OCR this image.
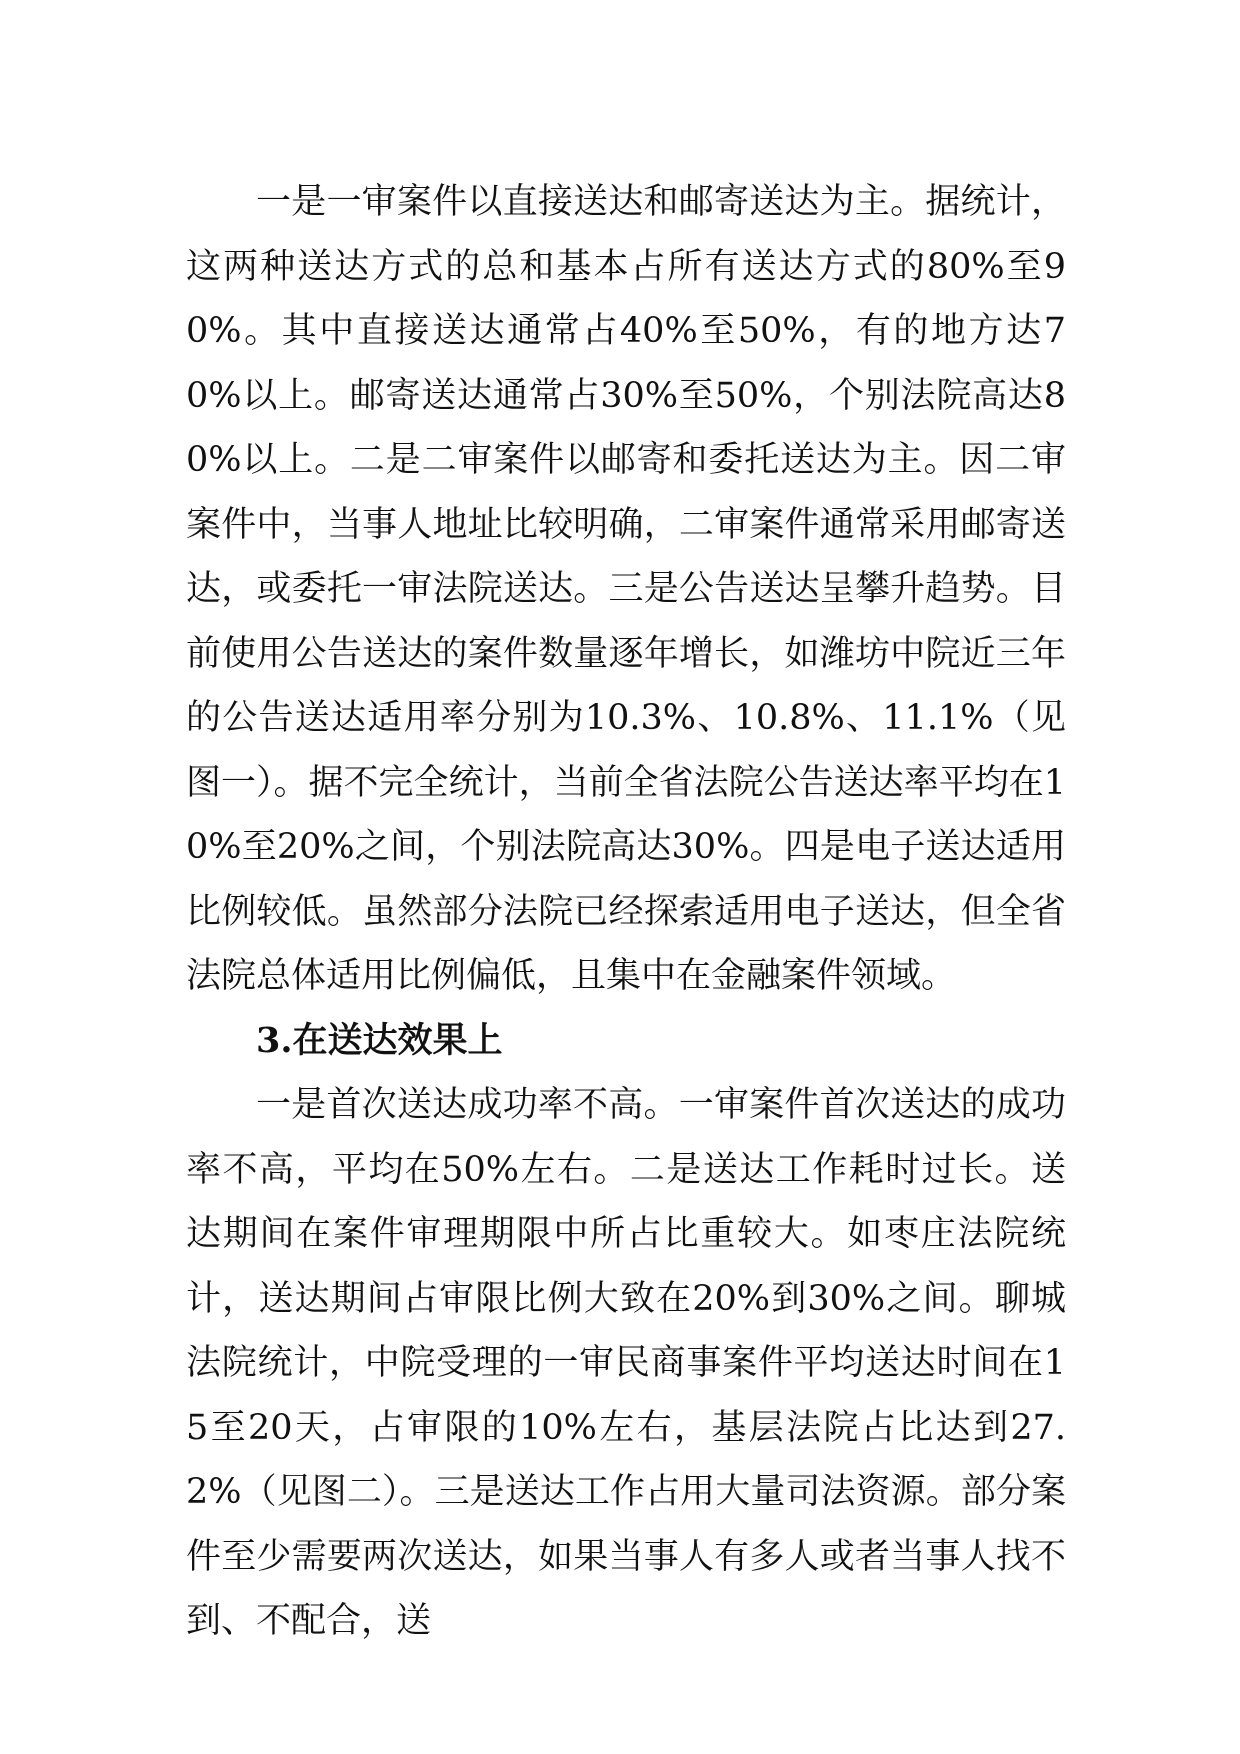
一是一审案件以直接送达和邮寄送达为主。据统计，这两种送达方式的总和基本占所有送达方式的80%至90%。其中直接送达通常占40%至50%，有的地方达70%以上。邮寄送达通常占30%至50%，个别法院高达80%以上。二是二审案件以邮寄和委托送达为主。因二审案件中，当事人地址比较明确，二审案件通常采用邮寄送达，或委托一审法院送达。三是公告送达呈攀升趋势。目前使用公告送达的案件数量逐年增长，如潍坊中院近三年的公告送达适用率分别为10.3%、10.8%、11.1%（见图一）。据不完全统计，当前全省法院公告送达率平均在10%至20%之间，个别法院高达30%。四是电子送达适用比例较低。虽然部分法院已经探索适用电子送达，但全省法院总体适用比例偏低，且集中在金融案件领域。

3.在送达效果上

一是首次送达成功率不高。一审案件首次送达的成功率不高，平均在50%左右。二是送达工作耗时过长。送达期间在案件审理期限中所占比重较大。如枣庄法院统计，送达期间占审限比例大致在20%到30%之间。聊城法院统计，中院受理的一审民商事案件平均送达时间在15至20天，占审限的10%左右，基层法院占比达到27.2%（见图二）。三是送达工作占用大量司法资源。部分案件至少需要两次送达，如果当事人有多人或者当事人找不到、不配合，送
